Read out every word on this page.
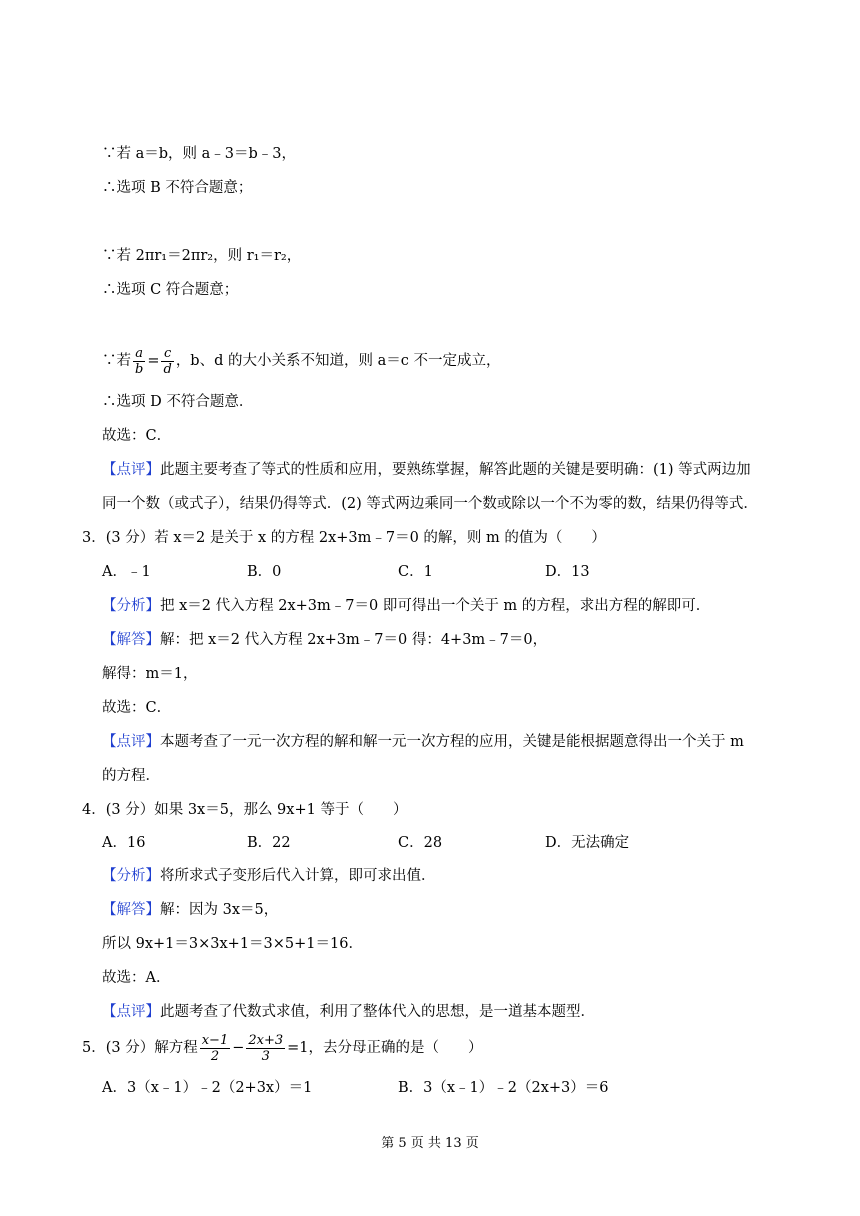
∵若 a＝b，则 a﹣3＝b﹣3，
∴选项 B 不符合题意；
∵若 2πr₁＝2πr₂，则 r₁＝r₂，
∴选项 C 符合题意；
∵若 $\frac{a}{b} = \frac{c}{d}$ ，b、d 的大小关系不知道，则 a＝c 不一定成立，
∴选项 D 不符合题意．
故选：C．
【点评】此题主要考查了等式的性质和应用，要熟练掌握，解答此题的关键是要明确：(1) 等式两边加
同一个数（或式子），结果仍得等式．(2) 等式两边乘同一个数或除以一个不为零的数，结果仍得等式．
3．(3 分）若 x＝2 是关于 x 的方程 2x+3m﹣7＝0 的解，则 m 的值为（　　）
A．﹣1	B．0	C．1	D．13
【分析】把 x＝2 代入方程 2x+3m﹣7＝0 即可得出一个关于 m 的方程，求出方程的解即可．
【解答】解：把 x＝2 代入方程 2x+3m﹣7＝0 得：4+3m﹣7＝0，
解得：m＝1，
故选：C．
【点评】本题考查了一元一次方程的解和解一元一次方程的应用，关键是能根据题意得出一个关于 m
的方程．
4．(3 分）如果 3x＝5，那么 9x+1 等于（　　）
A．16	B．22	C．28	D．无法确定
【分析】将所求式子变形后代入计算，即可求出值．
【解答】解：因为 3x＝5，
所以 9x+1＝3×3x+1＝3×5+1＝16．
故选：A．
【点评】此题考查了代数式求值，利用了整体代入的思想，是一道基本题型．
5．(3 分）解方程 $\frac{x-1}{2} - \frac{2x+3}{3} =1$，去分母正确的是（　　）
A．3（x﹣1）﹣2（2+3x）＝1	B．3（x﹣1）﹣2（2x+3）＝6
第 5 页 共 13 页
